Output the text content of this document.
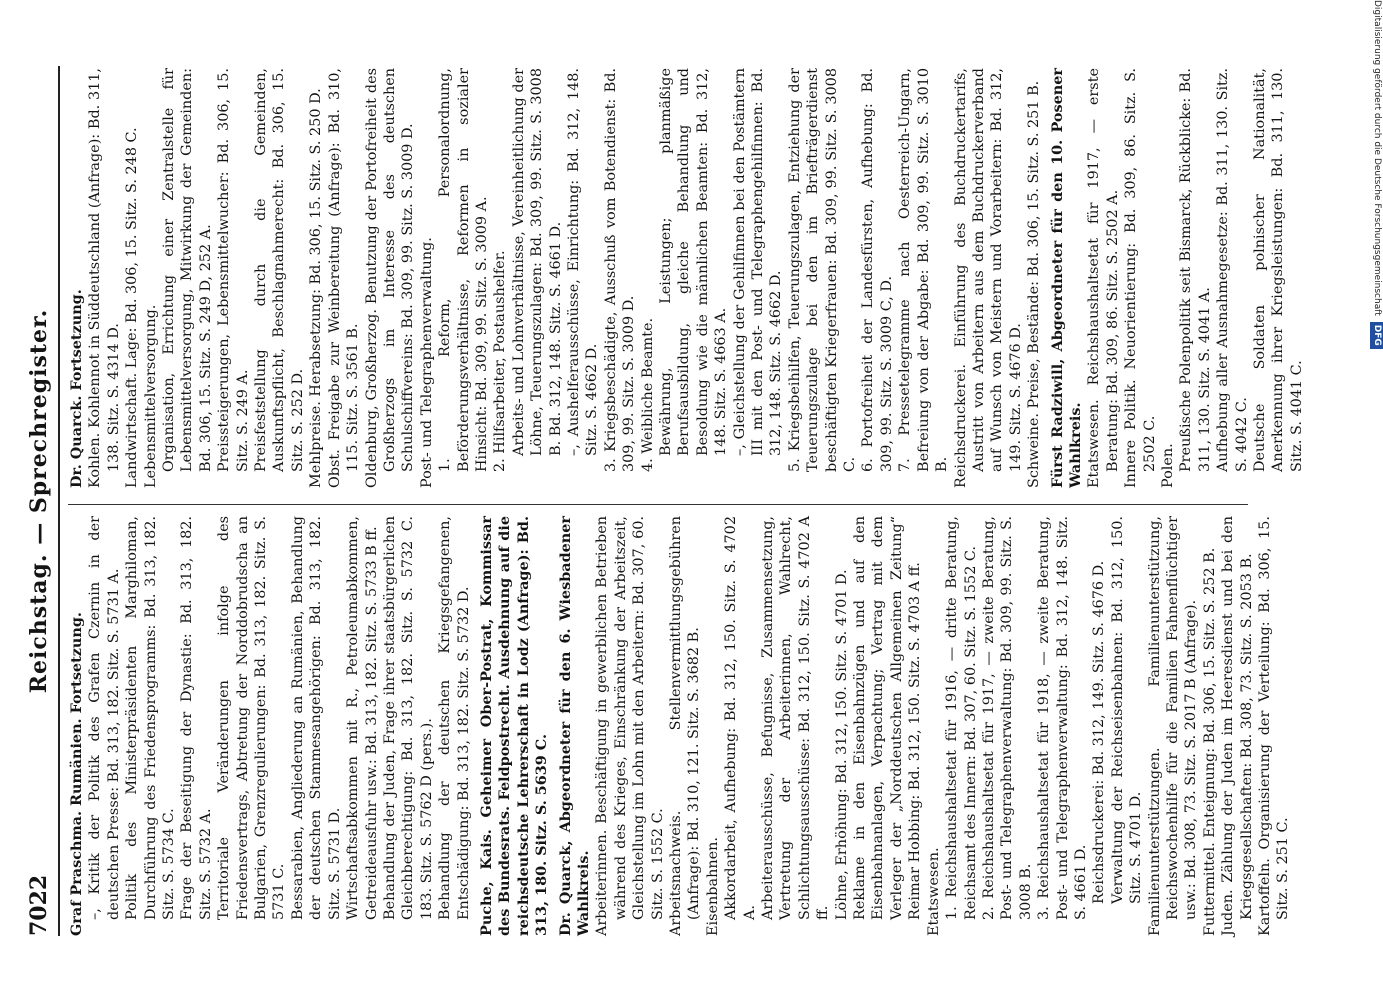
7022
Reichstag. — Sprechregister.
Graf Praschma. Rumänien. Fortsetzung. –, Kritik der Politik des Grafen Czernin in der deutschen Presse: Bd. 313, 182. Sitz. S. 5731 A. Politik des Ministerpräsidenten Marghiloman, Durchführung des Friedensprogramms: Bd. 313, 182. Sitz. S. 5734 C. Frage der Beseitigung der Dynastie: Bd. 313, 182. Sitz. S. 5732 A. Territoriale Veränderungen infolge des Friedensvertrags, Abtretung der Norddobrudscha an Bulgarien, Grenzregulierungen: Bd. 313, 182. Sitz. S. 5731 C. Bessarabien, Angliederung an Rumänien, Behandlung der deutschen Stammesangehörigen: Bd. 313, 182. Sitz. S. 5731 D. Wirtschaftsabkommen mit R., Petroleumabkommen, Getreideausfuhr usw.: Bd. 313, 182. Sitz. S. 5733 B ff. Behandlung der Juden, Frage ihrer staatsbürgerlichen Gleichberechtigung: Bd. 313, 182. Sitz. S. 5732 C. 183. Sitz. S. 5762 D (pers.). Behandlung der deutschen Kriegsgefangenen, Entschädigung: Bd. 313, 182. Sitz. S. 5732 D. Puche, Kais. Geheimer Ober-Postrat, Kommissar des Bundesrats. Feldpostrecht. Ausdehnung auf die reichsdeutsche Lehrerschaft in Lodz (Anfrage): Bd. 313, 180. Sitz. S. 5639 C. Dr. Quarck, Abgeordneter für den 6. Wiesbadener Wahlkreis. Arbeiterinnen. Beschäftigung in gewerblichen Betrieben während des Krieges, Einschränkung der Arbeitszeit, Gleichstellung im Lohn mit den Arbeitern: Bd. 307, 60. Sitz. S. 1552 C. Arbeitsnachweis. Stellenvermittlungsgebühren (Anfrage): Bd. 310, 121. Sitz. S. 3682 B. Eisenbahnen. Akkordarbeit, Aufhebung: Bd. 312, 150. Sitz. S. 4702 A. Arbeiterausschüsse, Befugnisse, Zusammensetzung, Vertretung der Arbeiterinnen, Wahlrecht, Schlichtungsausschüsse: Bd. 312, 150. Sitz. S. 4702 A ff. Löhne, Erhöhung: Bd. 312, 150. Sitz. S. 4701 D. Reklame in den Eisenbahnzügen und auf den Eisenbahnanlagen, Verpachtung; Vertrag mit dem Verleger der „Norddeutschen Allgemeinen Zeitung“ Reimar Hobbing: Bd. 312, 150. Sitz. S. 4703 A ff. Etatswesen. 1. Reichshaushaltsetat für 1916, — dritte Beratung, Reichsamt des Innern: Bd. 307, 60. Sitz. S. 1552 C. 2. Reichshaushaltsetat für 1917, — zweite Beratung, Post- und Telegraphenverwaltung: Bd. 309, 99. Sitz. S. 3008 B. 3. Reichshaushaltsetat für 1918, — zweite Beratung, Post- und Telegraphenverwaltung: Bd. 312, 148. Sitz. S. 4661 D. Reichsdruckerei: Bd. 312, 149. Sitz. S. 4676 D. Verwaltung der Reichseisenbahnen: Bd. 312, 150. Sitz. S. 4701 D. Familienunterstützungen. Familienunterstützung, Reichswochenhilfe für die Familien Fahnenflüchtiger usw.: Bd. 308, 73. Sitz. S. 2017 B (Anfrage). Futtermittel. Enteignung: Bd. 306, 15. Sitz. S. 252 B. Juden. Zählung der Juden im Heeresdienst und bei den Kriegsgesellschaften: Bd. 308, 73. Sitz. S. 2053 B. Kartoffeln. Organisierung der Verteilung: Bd. 306, 15. Sitz. S. 251 C.
Dr. Quarck. Fortsetzung. Kohlen. Kohlennot in Süddeutschland (Anfrage): Bd. 311, 138. Sitz. S. 4314 D. Landwirtschaft. Lage: Bd. 306, 15. Sitz. S. 248 C. Lebensmittelversorgung. Organisation, Errichtung einer Zentralstelle für Lebensmittelversorgung, Mitwirkung der Gemeinden: Bd. 306, 15. Sitz. S. 249 D, 252 A. Preissteigerungen, Lebensmittelwucher: Bd. 306, 15. Sitz. S. 249 A. Preisfeststellung durch die Gemeinden, Auskunftspflicht, Beschlagnahmerecht: Bd. 306, 15. Sitz. S. 252 D. Mehlpreise. Herabsetzung: Bd. 306, 15. Sitz. S. 250 D. Obst. Freigabe zur Weinbereitung (Anfrage): Bd. 310, 115. Sitz. S. 3561 B. Oldenburg, Großherzog. Benutzung der Portofreiheit des Großherzogs im Interesse des deutschen Schulschiffvereins: Bd. 309, 99. Sitz. S. 3009 D. Post- und Telegraphenverwaltung. 1. Reform, Personalordnung, Beförderungsverhältnisse, Reformen in sozialer Hinsicht: Bd. 309, 99. Sitz. S. 3009 A. 2. Hilfsarbeiter, Postaushelfer. Arbeits- und Lohnverhältnisse, Vereinheitlichung der Löhne, Teuerungszulagen: Bd. 309, 99. Sitz. S. 3008 B. Bd. 312, 148. Sitz. S. 4661 D. –, Aushelferausschüsse, Einrichtung: Bd. 312, 148. Sitz. S. 4662 D. 3. Kriegsbeschädigte, Ausschuß vom Botendienst: Bd. 309, 99. Sitz. S. 3009 D. 4. Weibliche Beamte. Bewährung, Leistungen; planmäßige Berufsausbildung, gleiche Behandlung und Besoldung wie die männlichen Beamten: Bd. 312, 148. Sitz. S. 4663 A. –, Gleichstellung der Gehilfinnen bei den Postämtern III mit den Post- und Telegraphengehilfinnen: Bd. 312, 148. Sitz. S. 4662 D. 5. Kriegsbeihilfen, Teuerungszulagen, Entziehung der Teuerungszulage bei den im Briefträgerdienst beschäftigten Kriegerfrauen: Bd. 309, 99. Sitz. S. 3008 C. 6. Portofreiheit der Landesfürsten, Aufhebung: Bd. 309, 99. Sitz. S. 3009 C, D. 7. Pressetelegramme nach Oesterreich-Ungarn, Befreiung von der Abgabe: Bd. 309, 99. Sitz. S. 3010 B. Reichsdruckerei. Einführung des Buchdruckertarifs, Austritt von Arbeitern aus dem Buchdruckerverband auf Wunsch von Meistern und Vorarbeitern: Bd. 312, 149. Sitz. S. 4676 D. Schweine. Preise, Bestände: Bd. 306, 15. Sitz. S. 251 B. Fürst Radziwill, Abgeordneter für den 10. Posener Wahlkreis. Etatswesen. Reichshaushaltsetat für 1917, — erste Beratung: Bd. 309, 86. Sitz. S. 2502 A. Innere Politik. Neuorientierung: Bd. 309, 86. Sitz. S. 2502 C. Polen. Preußische Polenpolitik seit Bismarck, Rückblicke: Bd. 311, 130. Sitz. S. 4041 A. Aufhebung aller Ausnahmegesetze: Bd. 311, 130. Sitz. S. 4042 C. Deutsche Soldaten polnischer Nationalität, Anerkennung ihrer Kriegsleistungen: Bd. 311, 130. Sitz. S. 4041 C.
Digitalisierung gefördert durch die Deutsche ForschungsgemeinschaftDFG
